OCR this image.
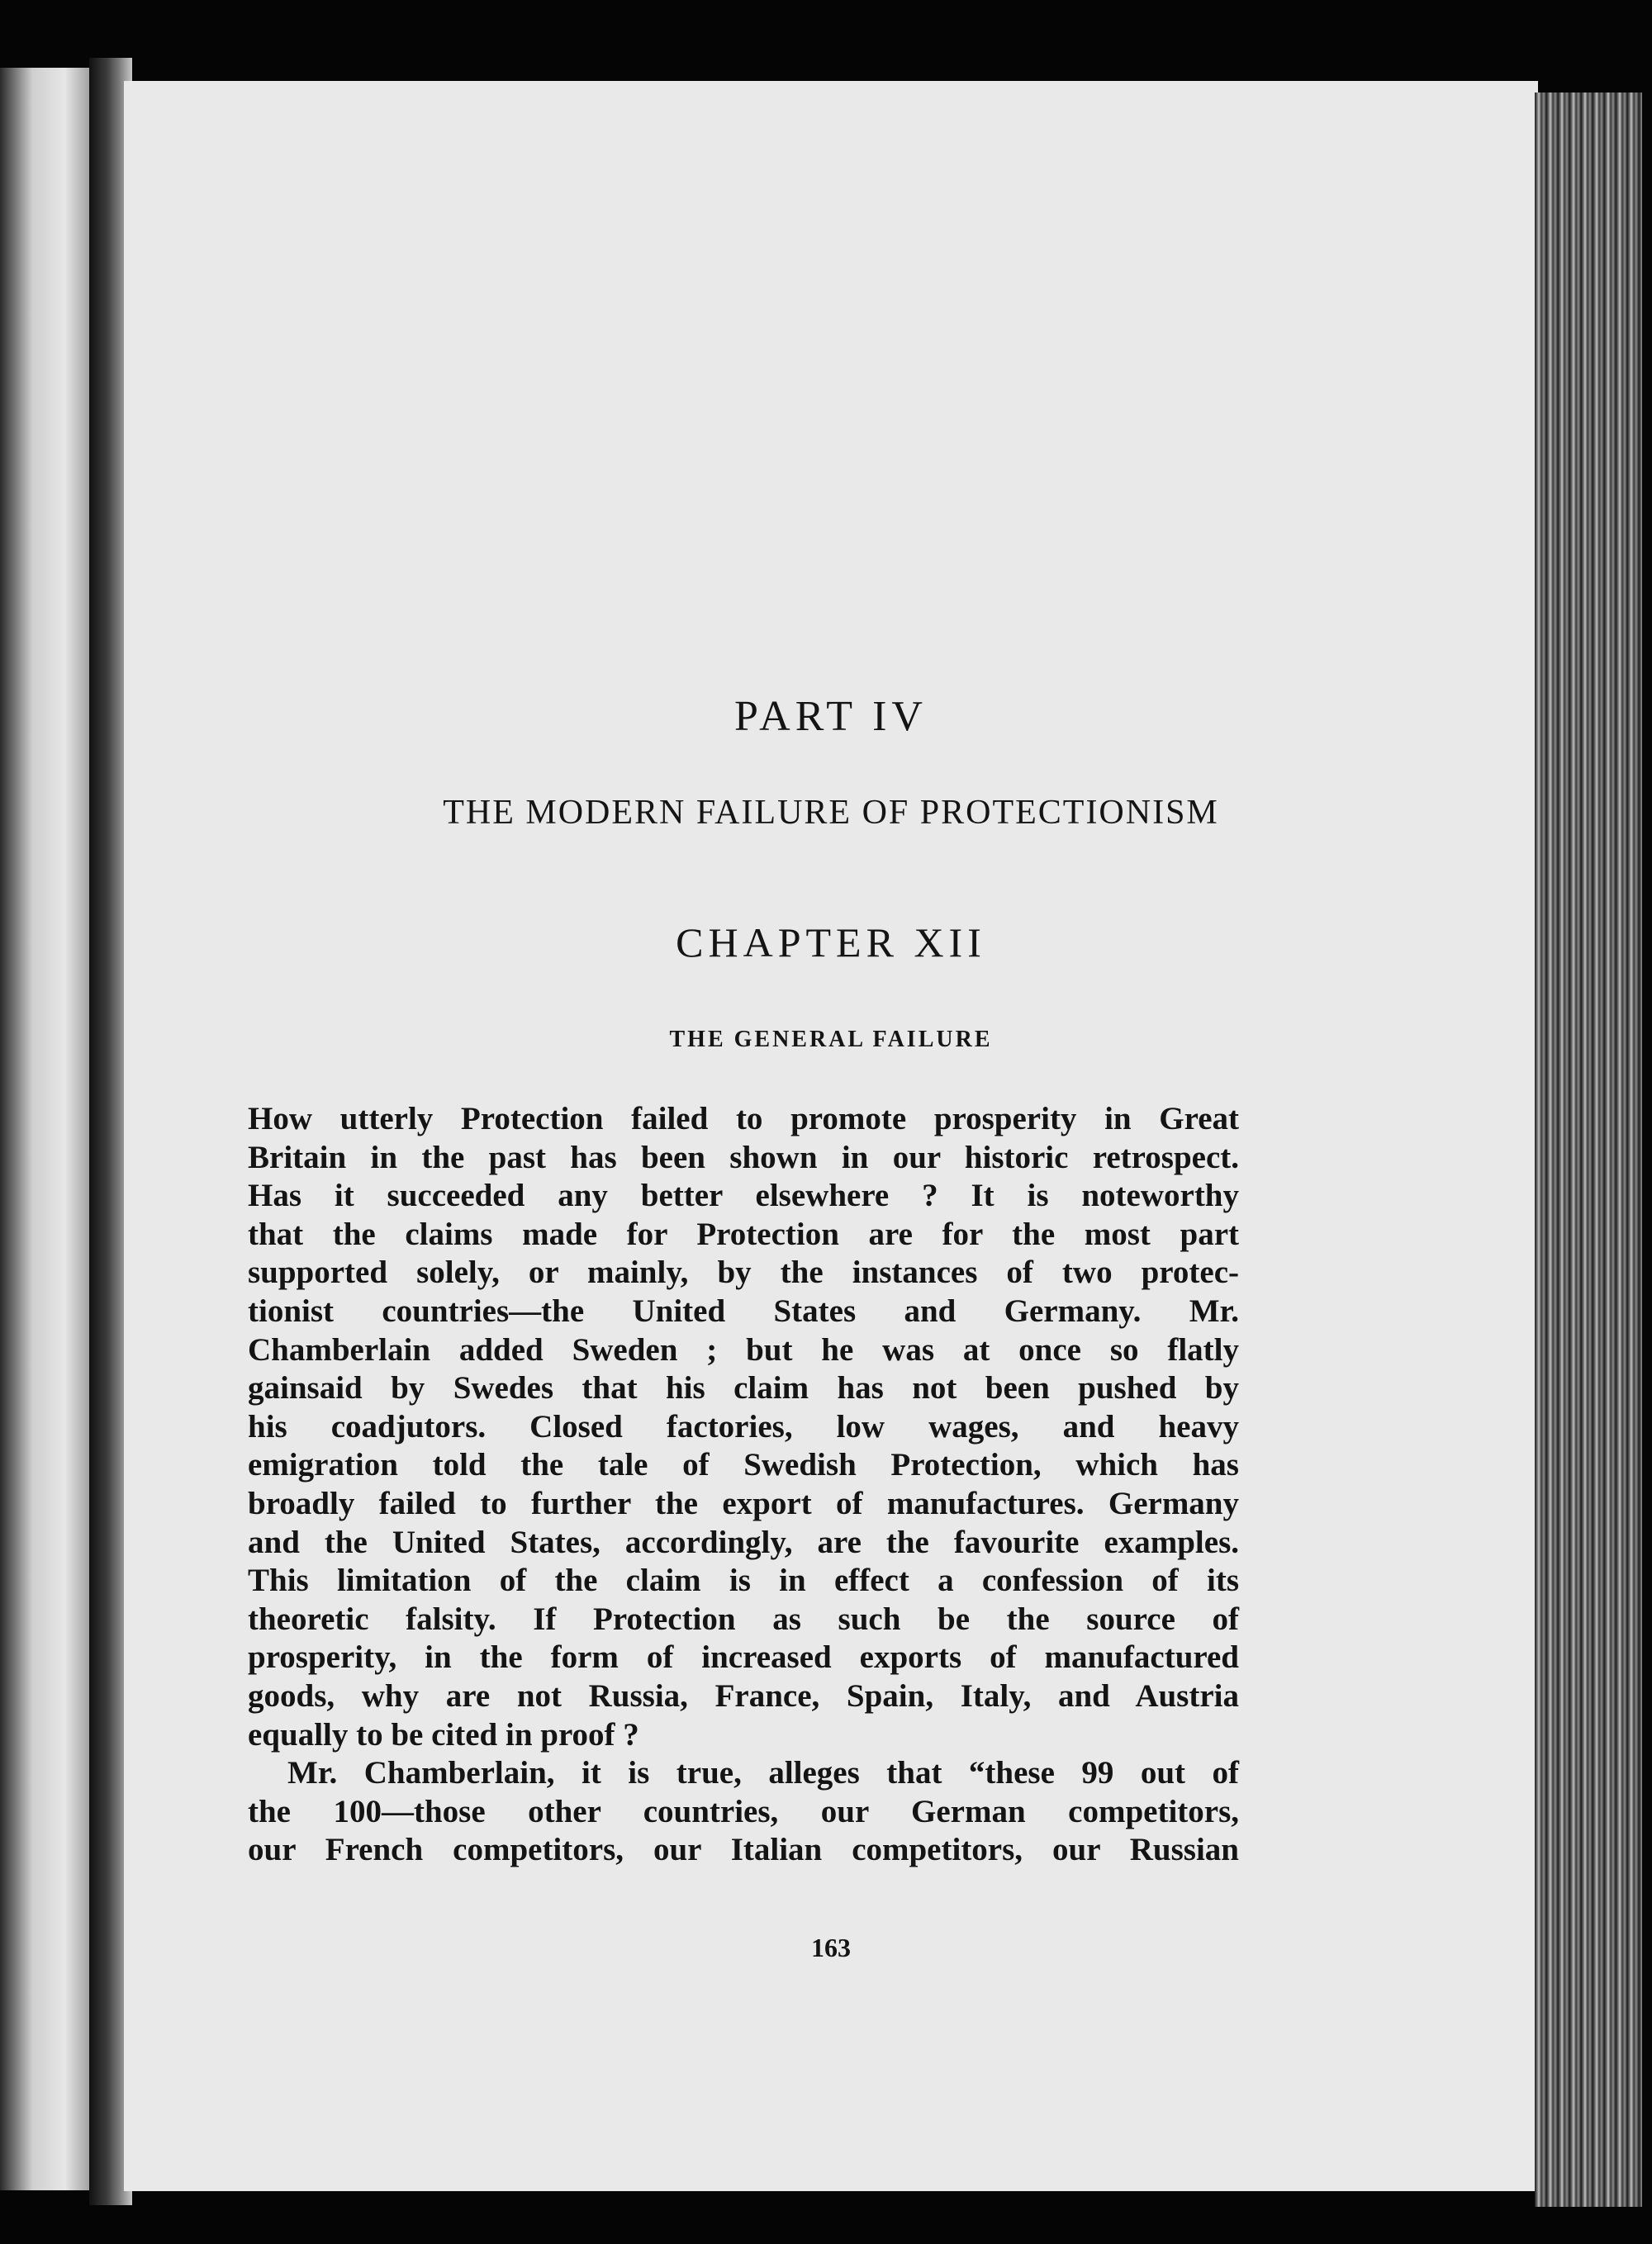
PART IV
THE MODERN FAILURE OF PROTECTIONISM
CHAPTER XII
THE GENERAL FAILURE
How utterly Protection failed to promote prosperity in Great
Britain in the past has been shown in our historic retrospect.
Has it succeeded any better elsewhere ? It is noteworthy
that the claims made for Protection are for the most part
supported solely, or mainly, by the instances of two protec-
tionist countries—the United States and Germany. Mr.
Chamberlain added Sweden ; but he was at once so flatly
gainsaid by Swedes that his claim has not been pushed by
his coadjutors. Closed factories, low wages, and heavy
emigration told the tale of Swedish Protection, which has
broadly failed to further the export of manufactures. Germany
and the United States, accordingly, are the favourite examples.
This limitation of the claim is in effect a confession of its
theoretic falsity. If Protection as such be the source of
prosperity, in the form of increased exports of manufactured
goods, why are not Russia, France, Spain, Italy, and Austria
equally to be cited in proof ?
Mr. Chamberlain, it is true, alleges that “these 99 out of
the 100—those other countries, our German competitors,
our French competitors, our Italian competitors, our Russian
163
